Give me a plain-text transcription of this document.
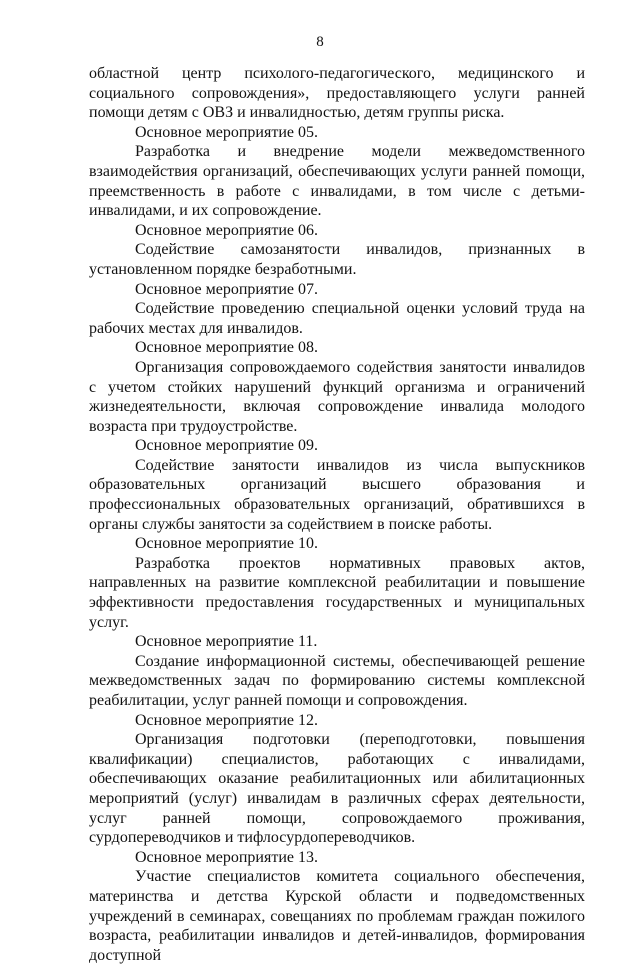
8

областной центр психолого-педагогического, медицинского и социального сопровождения», предоставляющего услуги ранней помощи детям с ОВЗ и инвалидностью, детям группы риска.

Основное мероприятие 05.

Разработка и внедрение модели межведомственного взаимодействия организаций, обеспечивающих услуги ранней помощи, преемственность в работе с инвалидами, в том числе с детьми-инвалидами, и их сопровождение.

Основное мероприятие 06.

Содействие самозанятости инвалидов, признанных в установленном порядке безработными.

Основное мероприятие 07.

Содействие проведению специальной оценки условий труда на рабочих местах для инвалидов.

Основное мероприятие 08.

Организация сопровождаемого содействия занятости инвалидов с учетом стойких нарушений функций организма и ограничений жизнедеятельности, включая сопровождение инвалида молодого возраста при трудоустройстве.

Основное мероприятие 09.

Содействие занятости инвалидов из числа выпускников образовательных организаций высшего образования и профессиональных образовательных организаций, обратившихся в органы службы занятости за содействием в поиске работы.

Основное мероприятие 10.

Разработка проектов нормативных правовых актов, направленных на развитие комплексной реабилитации и повышение эффективности предоставления государственных и муниципальных услуг.

Основное мероприятие 11.

Создание информационной системы, обеспечивающей решение межведомственных задач по формированию системы комплексной реабилитации, услуг ранней помощи и сопровождения.

Основное мероприятие 12.

Организация подготовки (переподготовки, повышения квалификации) специалистов, работающих с инвалидами, обеспечивающих оказание реабилитационных или абилитационных мероприятий (услуг) инвалидам в различных сферах деятельности, услуг ранней помощи, сопровождаемого проживания, сурдопереводчиков и тифлосурдопереводчиков.

Основное мероприятие 13.

Участие специалистов комитета социального обеспечения, материнства и детства Курской области и подведомственных учреждений в семинарах, совещаниях по проблемам граждан пожилого возраста, реабилитации инвалидов и детей-инвалидов, формирования доступной
